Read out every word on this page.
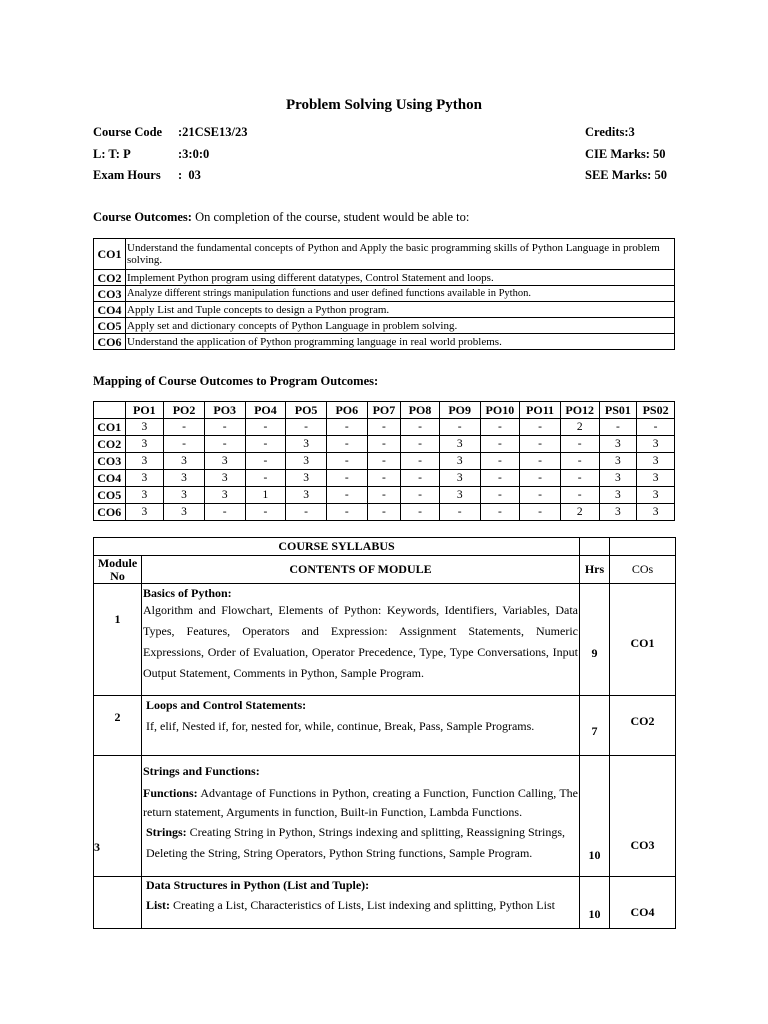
Problem Solving Using Python
Course Code :21CSE13/23	Credits:3
L: T: P	:3:0:0	CIE Marks: 50
Exam Hours :  03	SEE Marks: 50
Course Outcomes: On completion of the course, student would be able to:
CO1	Understand the fundamental concepts of Python and Apply the basic programming skills of Python Language in problem solving.
CO2	Implement Python program using different datatypes, Control Statement and loops.
CO3	Analyze different strings manipulation functions and user defined functions available in Python.
CO4	Apply List and Tuple concepts to design a Python program.
CO5	Apply set and dictionary concepts of Python Language in problem solving.
CO6	Understand the application of Python programming language in real world problems.
Mapping of Course Outcomes to Program Outcomes:
	PO1	PO2	PO3	PO4	PO5	PO6	PO7	PO8	PO9	PO10	PO11	PO12	PS01	PS02
CO1	3	-	-	-	-	-	-	-	-	-	-	2	-	-
CO2	3	-	-	-	3	-	-	-	3	-	-	-	3	3
CO3	3	3	3	-	3	-	-	-	3	-	-	-	3	3
CO4	3	3	3	-	3	-	-	-	3	-	-	-	3	3
CO5	3	3	3	1	3	-	-	-	3	-	-	-	3	3
CO6	3	3	-	-	-	-	-	-	-	-	-	2	3	3
COURSE SYLLABUS			
Module No	CONTENTS OF MODULE	Hrs	COs
1	Basics of Python:
Algorithm and Flowchart, Elements of Python: Keywords, Identifiers, Variables, Data Types, Features, Operators and Expression: Assignment Statements, Numeric Expressions, Order of Evaluation, Operator Precedence, Type, Type Conversations, Input Output Statement, Comments in Python, Sample Program.	9	CO1
2	Loops and Control Statements:
If, elif, Nested if, for, nested for, while, continue, Break, Pass, Sample Programs.	7	CO2
3	Strings and Functions:
Functions: Advantage of Functions in Python, creating a Function, Function Calling, The return statement, Arguments in function, Built-in Function, Lambda Functions.
Strings: Creating String in Python, Strings indexing and splitting, Reassigning Strings, Deleting the String, String Operators, Python String functions, Sample Program.	10	CO3

	Data Structures in Python (List and Tuple):
List: Creating a List, Characteristics of Lists, List indexing and splitting, Python List	10	CO4
